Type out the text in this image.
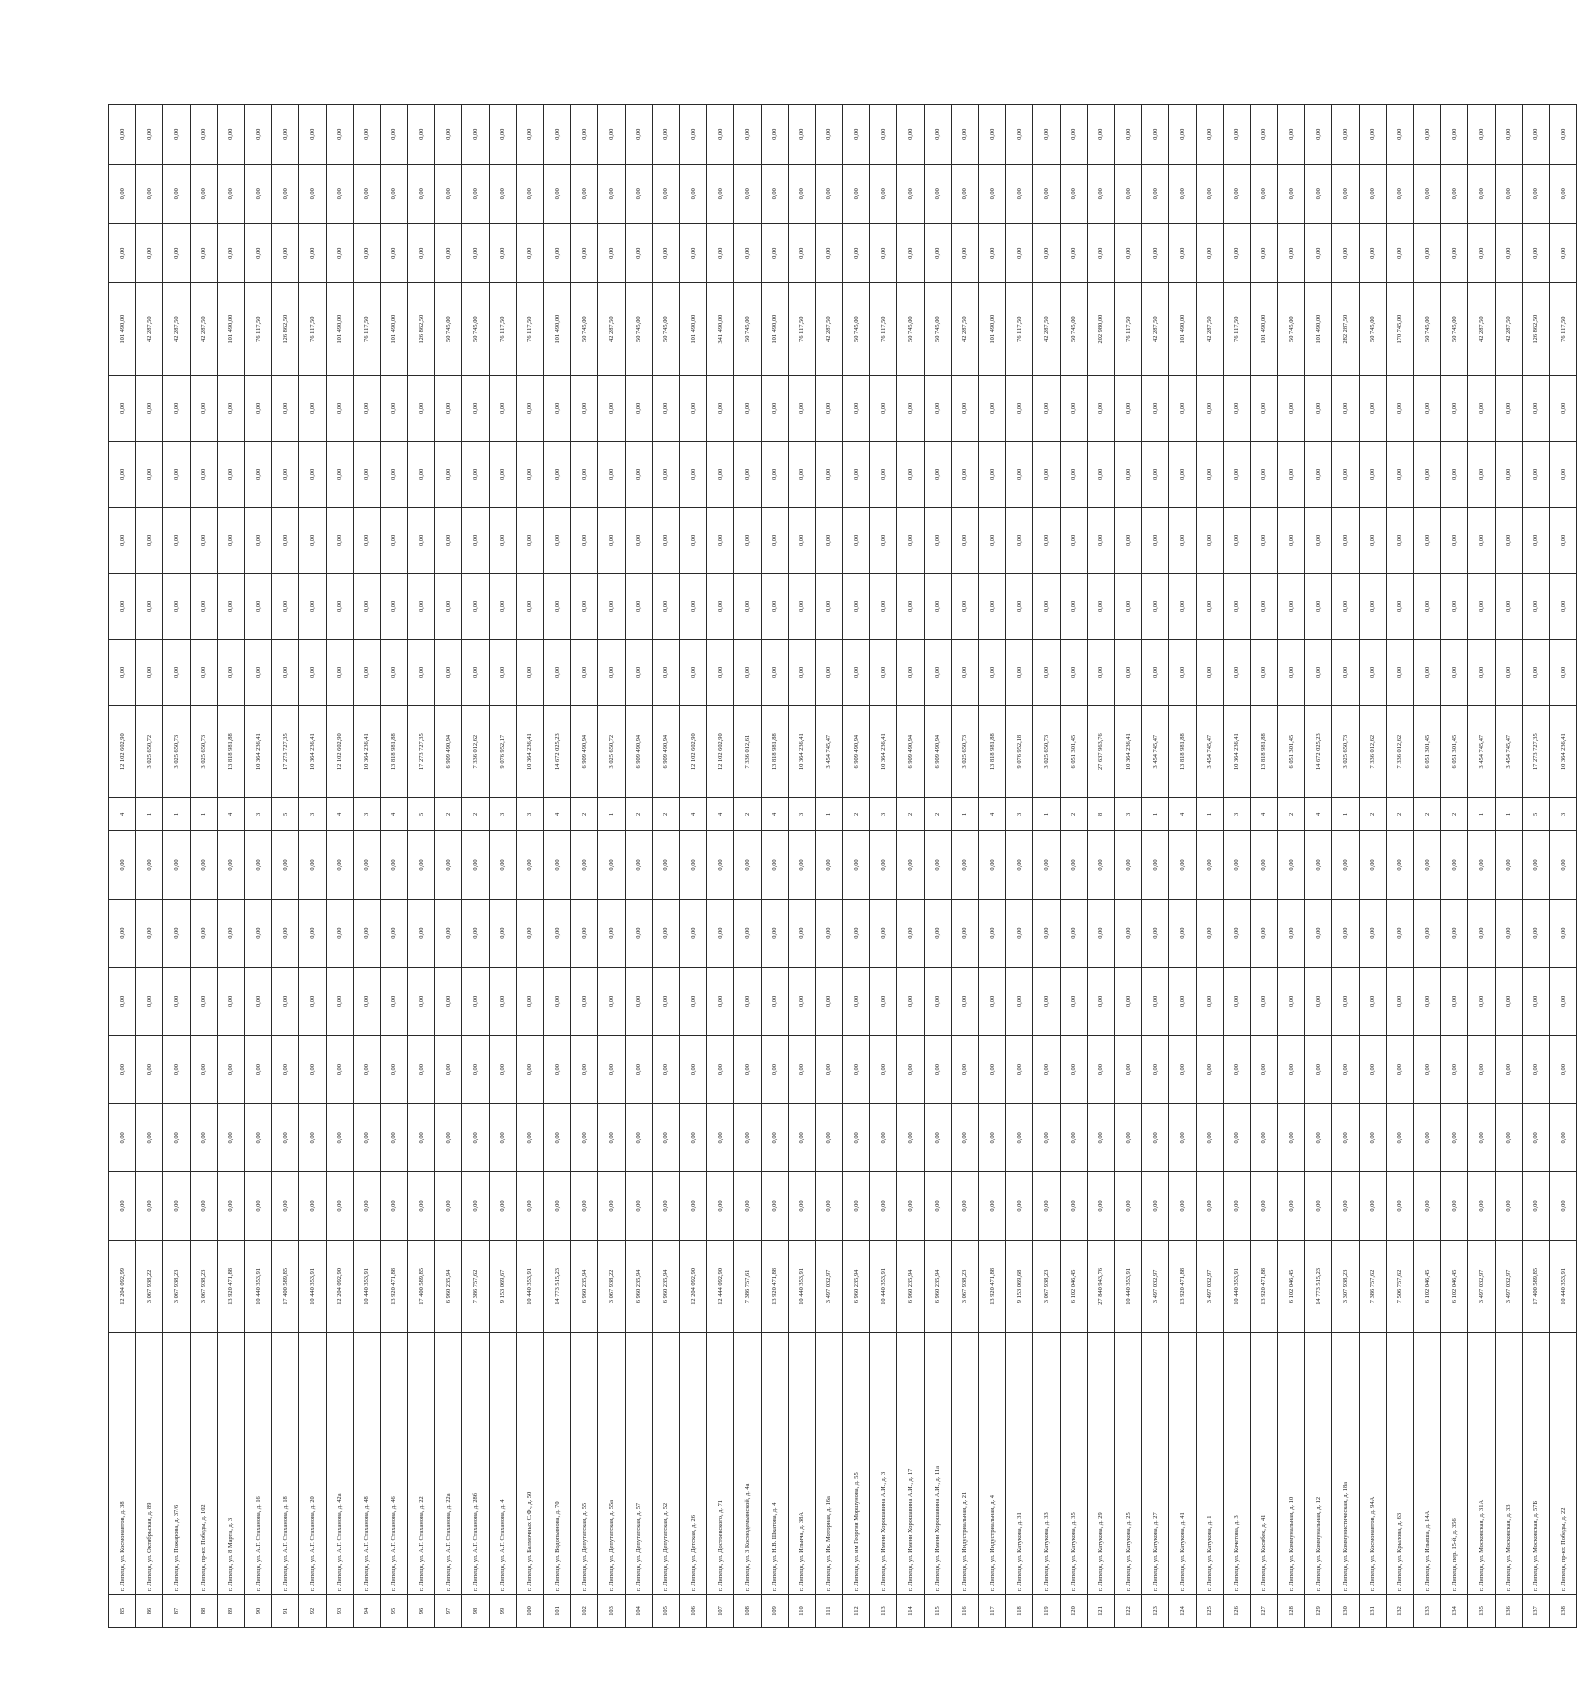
85	г. Липецк, ул. Космонавтов, д. 38	12 204 092,99	0,00	0,00	0,00	0,00	0,00	0,00	4	12 102 602,90	0,00	0,00	0,00	0,00	0,00	101 490,00	0,00	0,00	0,00
86	г. Липецк, ул. Октябрьская, д. 89	3 067 938,22	0,00	0,00	0,00	0,00	0,00	0,00	1	3 025 650,72	0,00	0,00	0,00	0,00	0,00	42 287,50	0,00	0,00	0,00
87	г. Липецк, ул. Пожарова, д. 37/6	3 067 938,23	0,00	0,00	0,00	0,00	0,00	0,00	1	3 025 650,73	0,00	0,00	0,00	0,00	0,00	42 287,50	0,00	0,00	0,00
88	г. Липецк, пр-кт. Победы, д. 102	3 067 938,23	0,00	0,00	0,00	0,00	0,00	0,00	1	3 025 650,73	0,00	0,00	0,00	0,00	0,00	42 287,50	0,00	0,00	0,00
89	г. Липецк, ул. 8 Марта, д. 3	13 920 471,88	0,00	0,00	0,00	0,00	0,00	0,00	4	13 818 981,88	0,00	0,00	0,00	0,00	0,00	101 490,00	0,00	0,00	0,00
90	г. Липецк, ул. А.Г. Стаханова, д. 16	10 440 353,91	0,00	0,00	0,00	0,00	0,00	0,00	3	10 364 236,41	0,00	0,00	0,00	0,00	0,00	76 117,50	0,00	0,00	0,00
91	г. Липецк, ул. А.Г. Стаханова, д. 18	17 400 589,85	0,00	0,00	0,00	0,00	0,00	0,00	5	17 273 727,35	0,00	0,00	0,00	0,00	0,00	126 862,50	0,00	0,00	0,00
92	г. Липецк, ул. А.Г. Стаханова, д. 20	10 440 353,91	0,00	0,00	0,00	0,00	0,00	0,00	3	10 364 236,41	0,00	0,00	0,00	0,00	0,00	76 117,50	0,00	0,00	0,00
93	г. Липецк, ул. А.Г. Стаханова, д. 42а	12 204 092,90	0,00	0,00	0,00	0,00	0,00	0,00	4	12 102 602,90	0,00	0,00	0,00	0,00	0,00	101 490,00	0,00	0,00	0,00
94	г. Липецк, ул. А.Г. Стаханова, д. 48	10 440 353,91	0,00	0,00	0,00	0,00	0,00	0,00	3	10 364 236,41	0,00	0,00	0,00	0,00	0,00	76 117,50	0,00	0,00	0,00
95	г. Липецк, ул. А.Г. Стаханова, д. 46	13 920 471,88	0,00	0,00	0,00	0,00	0,00	0,00	4	13 818 981,88	0,00	0,00	0,00	0,00	0,00	101 490,00	0,00	0,00	0,00
96	г. Липецк, ул. А.Г. Стаханова, д. 22	17 400 589,85	0,00	0,00	0,00	0,00	0,00	0,00	5	17 273 727,35	0,00	0,00	0,00	0,00	0,00	126 862,50	0,00	0,00	0,00
97	г. Липецк, ул. А.Г. Стаханова, д. 22а	6 960 235,94	0,00	0,00	0,00	0,00	0,00	0,00	2	6 909 490,94	0,00	0,00	0,00	0,00	0,00	50 745,00	0,00	0,00	0,00
98	г. Липецк, ул. А.Г. Стаханова, д. 28б	7 386 757,62	0,00	0,00	0,00	0,00	0,00	0,00	2	7 336 012,62	0,00	0,00	0,00	0,00	0,00	50 745,00	0,00	0,00	0,00
99	г. Липецк, ул. А.Г. Стаханова, д. 4	9 153 069,67	0,00	0,00	0,00	0,00	0,00	0,00	3	9 076 952,17	0,00	0,00	0,00	0,00	0,00	76 117,50	0,00	0,00	0,00
100	г. Липецк, ул. Балмочных С.Ф., д. 50	10 440 353,91	0,00	0,00	0,00	0,00	0,00	0,00	3	10 364 236,41	0,00	0,00	0,00	0,00	0,00	76 117,50	0,00	0,00	0,00
101	г. Липецк, ул. Водопьянова, д. 70	14 773 515,23	0,00	0,00	0,00	0,00	0,00	0,00	4	14 672 025,23	0,00	0,00	0,00	0,00	0,00	101 490,00	0,00	0,00	0,00
102	г. Липецк, ул. Депутатская, д. 55	6 960 235,94	0,00	0,00	0,00	0,00	0,00	0,00	2	6 909 490,94	0,00	0,00	0,00	0,00	0,00	50 745,00	0,00	0,00	0,00
103	г. Липецк, ул. Депутатская, д. 55а	3 067 938,22	0,00	0,00	0,00	0,00	0,00	0,00	1	3 025 650,72	0,00	0,00	0,00	0,00	0,00	42 287,50	0,00	0,00	0,00
104	г. Липецк, ул. Депутатская, д. 57	6 960 235,94	0,00	0,00	0,00	0,00	0,00	0,00	2	6 909 490,94	0,00	0,00	0,00	0,00	0,00	50 745,00	0,00	0,00	0,00
105	г. Липецк, ул. Депутатская, д. 52	6 960 235,94	0,00	0,00	0,00	0,00	0,00	0,00	2	6 909 490,94	0,00	0,00	0,00	0,00	0,00	50 745,00	0,00	0,00	0,00
106	г. Липецк, ул. Детская, д. 26	12 204 092,90	0,00	0,00	0,00	0,00	0,00	0,00	4	12 102 602,90	0,00	0,00	0,00	0,00	0,00	101 490,00	0,00	0,00	0,00
107	г. Липецк, ул. Достоевского, д. 71	12 444 092,90	0,00	0,00	0,00	0,00	0,00	0,00	4	12 102 602,90	0,00	0,00	0,00	0,00	0,00	341 490,00	0,00	0,00	0,00
108	г. Липецк, ул. 3 Космодемьянской, д. 4а	7 386 757,61	0,00	0,00	0,00	0,00	0,00	0,00	2	7 336 012,61	0,00	0,00	0,00	0,00	0,00	50 745,00	0,00	0,00	0,00
109	г. Липецк, ул. Н.В. Шкатова, д. 4	13 920 471,88	0,00	0,00	0,00	0,00	0,00	0,00	4	13 818 981,88	0,00	0,00	0,00	0,00	0,00	101 490,00	0,00	0,00	0,00
110	г. Липецк, ул. Ильича, д. 38А	10 440 353,91	0,00	0,00	0,00	0,00	0,00	0,00	3	10 364 236,41	0,00	0,00	0,00	0,00	0,00	76 117,50	0,00	0,00	0,00
111	г. Липецк, ул. Ик. Моторная, д. 16а	3 497 032,97	0,00	0,00	0,00	0,00	0,00	0,00	1	3 454 745,47	0,00	0,00	0,00	0,00	0,00	42 287,50	0,00	0,00	0,00
112	г. Липецк, ул. им Георгия Моршунова, д. 55	6 960 235,94	0,00	0,00	0,00	0,00	0,00	0,00	2	6 909 490,94	0,00	0,00	0,00	0,00	0,00	50 745,00	0,00	0,00	0,00
113	г. Липецк, ул. Имени Хорошавина А.И., д. 3	10 440 353,91	0,00	0,00	0,00	0,00	0,00	0,00	3	10 364 236,41	0,00	0,00	0,00	0,00	0,00	76 117,50	0,00	0,00	0,00
114	г. Липецк, ул. Имени Хорошавина А.И., д. 17	6 960 235,94	0,00	0,00	0,00	0,00	0,00	0,00	2	6 909 490,94	0,00	0,00	0,00	0,00	0,00	50 745,00	0,00	0,00	0,00
115	г. Липецк, ул. Имени Хорошавина А.И., д. 11а	6 960 235,94	0,00	0,00	0,00	0,00	0,00	0,00	2	6 909 490,94	0,00	0,00	0,00	0,00	0,00	50 745,00	0,00	0,00	0,00
116	г. Липецк, ул. Индустриальная, д. 21	3 067 938,23	0,00	0,00	0,00	0,00	0,00	0,00	1	3 025 650,73	0,00	0,00	0,00	0,00	0,00	42 287,50	0,00	0,00	0,00
117	г. Липецк, ул. Индустриальная, д. 4	13 920 471,88	0,00	0,00	0,00	0,00	0,00	0,00	4	13 818 981,88	0,00	0,00	0,00	0,00	0,00	101 490,00	0,00	0,00	0,00
118	г. Липецк, ул. Катукова, д. 31	9 153 069,68	0,00	0,00	0,00	0,00	0,00	0,00	3	9 076 952,18	0,00	0,00	0,00	0,00	0,00	76 117,50	0,00	0,00	0,00
119	г. Липецк, ул. Катукова, д. 33	3 067 938,23	0,00	0,00	0,00	0,00	0,00	0,00	1	3 025 650,73	0,00	0,00	0,00	0,00	0,00	42 287,50	0,00	0,00	0,00
120	г. Липецк, ул. Катукова, д. 35	6 102 046,45	0,00	0,00	0,00	0,00	0,00	0,00	2	6 051 301,45	0,00	0,00	0,00	0,00	0,00	50 745,00	0,00	0,00	0,00
121	г. Липецк, ул. Катукова, д. 29	27 840 943,76	0,00	0,00	0,00	0,00	0,00	0,00	8	27 637 963,76	0,00	0,00	0,00	0,00	0,00	202 980,00	0,00	0,00	0,00
122	г. Липецк, ул. Катукова, д. 25	10 440 353,91	0,00	0,00	0,00	0,00	0,00	0,00	3	10 364 236,41	0,00	0,00	0,00	0,00	0,00	76 117,50	0,00	0,00	0,00
123	г. Липецк, ул. Катукова, д. 27	3 497 032,97	0,00	0,00	0,00	0,00	0,00	0,00	1	3 454 745,47	0,00	0,00	0,00	0,00	0,00	42 287,50	0,00	0,00	0,00
124	г. Липецк, ул. Катукова, д. 41	13 920 471,88	0,00	0,00	0,00	0,00	0,00	0,00	4	13 818 981,88	0,00	0,00	0,00	0,00	0,00	101 490,00	0,00	0,00	0,00
125	г. Липецк, ул. Катукова, д. 1	3 497 032,97	0,00	0,00	0,00	0,00	0,00	0,00	1	3 454 745,47	0,00	0,00	0,00	0,00	0,00	42 287,50	0,00	0,00	0,00
126	г. Липецк, ул. Кочетова, д. 3	10 440 353,91	0,00	0,00	0,00	0,00	0,00	0,00	3	10 364 236,41	0,00	0,00	0,00	0,00	0,00	76 117,50	0,00	0,00	0,00
127	г. Липецк, ул. Косвбек, д. 41	13 920 471,88	0,00	0,00	0,00	0,00	0,00	0,00	4	13 818 981,88	0,00	0,00	0,00	0,00	0,00	101 490,00	0,00	0,00	0,00
128	г. Липецк, ул. Коммунальная, д. 10	6 102 046,45	0,00	0,00	0,00	0,00	0,00	0,00	2	6 051 301,45	0,00	0,00	0,00	0,00	0,00	50 745,00	0,00	0,00	0,00
129	г. Липецк, ул. Коммунальная, д. 12	14 773 515,23	0,00	0,00	0,00	0,00	0,00	0,00	4	14 672 025,23	0,00	0,00	0,00	0,00	0,00	101 490,00	0,00	0,00	0,00
130	г. Липецк, ул. Коммунистическая, д. 18а	3 307 938,23	0,00	0,00	0,00	0,00	0,00	0,00	1	3 025 650,73	0,00	0,00	0,00	0,00	0,00	282 287,50	0,00	0,00	0,00
131	г. Липецк, ул. Космонавтов, д. 94А	7 386 757,62	0,00	0,00	0,00	0,00	0,00	0,00	2	7 336 012,62	0,00	0,00	0,00	0,00	0,00	50 745,00	0,00	0,00	0,00
132	г. Липецк, ул. Крылова, д. 63	7 506 757,62	0,00	0,00	0,00	0,00	0,00	0,00	2	7 336 012,62	0,00	0,00	0,00	0,00	0,00	170 745,00	0,00	0,00	0,00
133	г. Липецк, ул. Ильяша, д. 14А	6 102 046,45	0,00	0,00	0,00	0,00	0,00	0,00	2	6 051 301,45	0,00	0,00	0,00	0,00	0,00	50 745,00	0,00	0,00	0,00
134	г. Липецк, пер. 15-й, д. 356	6 102 046,45	0,00	0,00	0,00	0,00	0,00	0,00	2	6 051 301,45	0,00	0,00	0,00	0,00	0,00	50 745,00	0,00	0,00	0,00
135	г. Липецк, ул. Московская, д. 31А	3 497 032,97	0,00	0,00	0,00	0,00	0,00	0,00	1	3 454 745,47	0,00	0,00	0,00	0,00	0,00	42 287,50	0,00	0,00	0,00
136	г. Липецк, ул. Московская, д. 33	3 497 032,97	0,00	0,00	0,00	0,00	0,00	0,00	1	3 454 745,47	0,00	0,00	0,00	0,00	0,00	42 287,50	0,00	0,00	0,00
137	г. Липецк, ул. Московская, д. 57Б	17 400 589,85	0,00	0,00	0,00	0,00	0,00	0,00	5	17 273 727,35	0,00	0,00	0,00	0,00	0,00	126 862,50	0,00	0,00	0,00
138	г. Липецк, пр-кт. Победы, д. 22	10 440 353,91	0,00	0,00	0,00	0,00	0,00	0,00	3	10 364 236,41	0,00	0,00	0,00	0,00	0,00	76 117,50	0,00	0,00	0,00
